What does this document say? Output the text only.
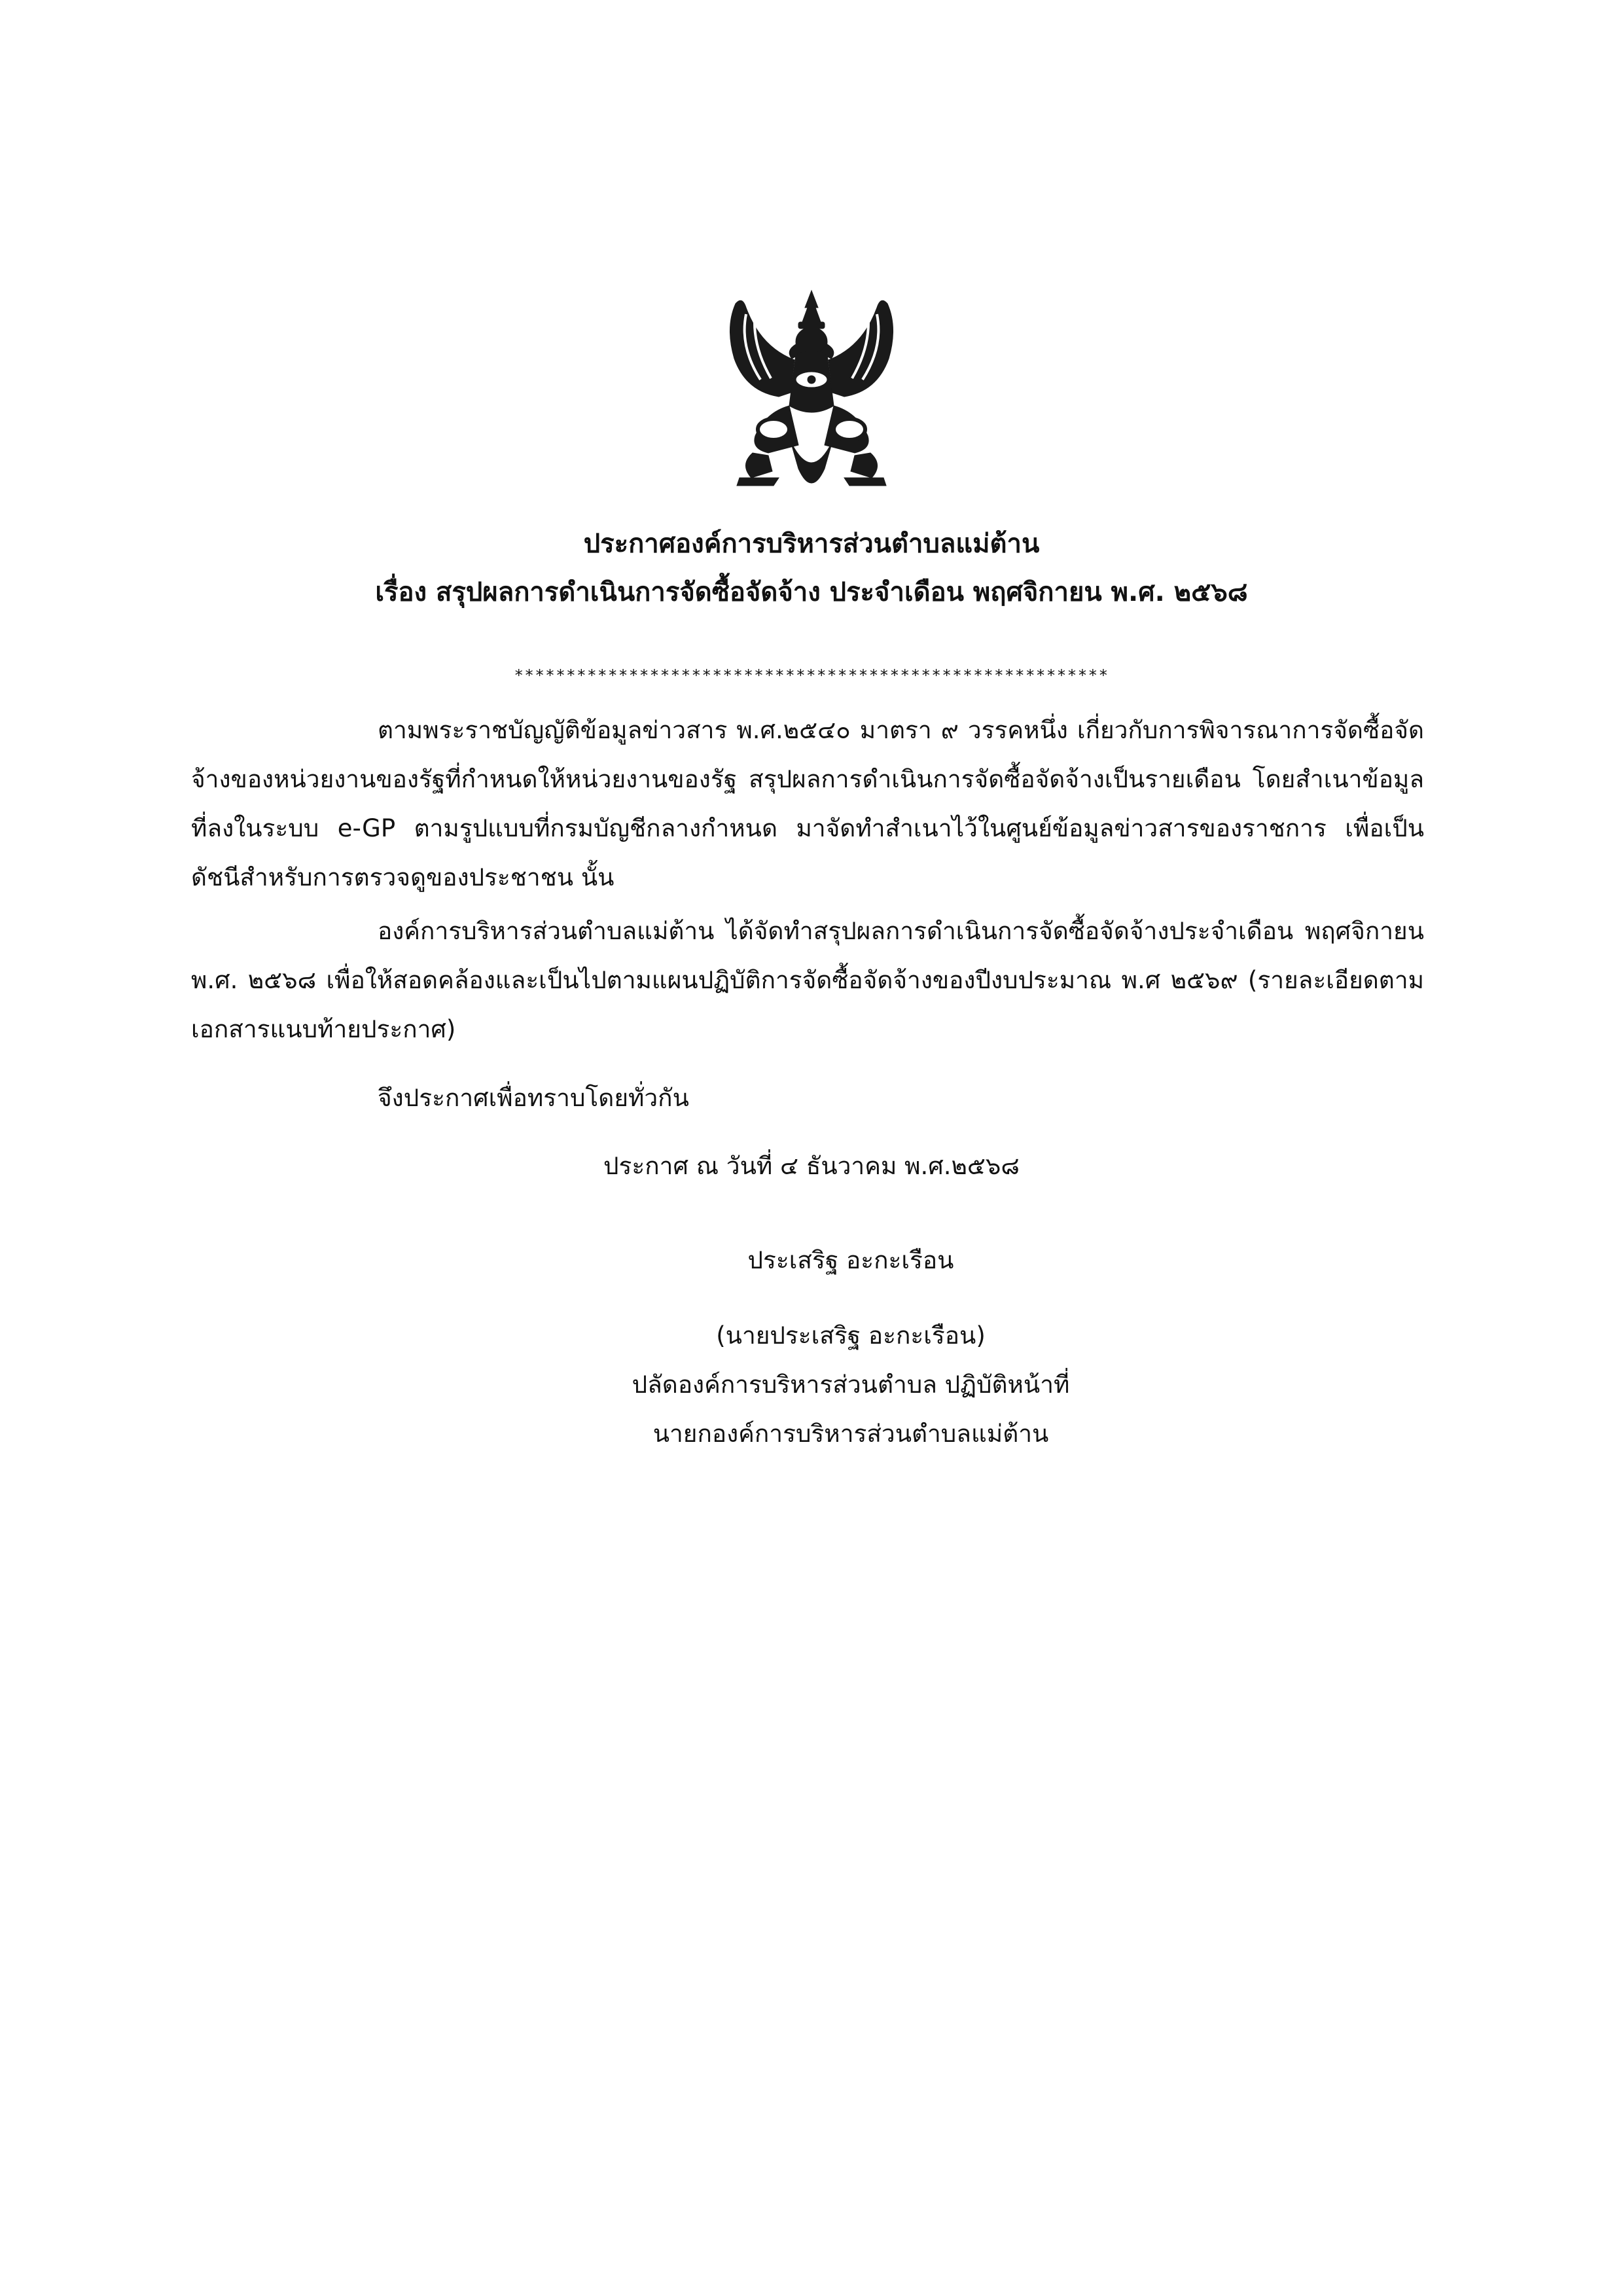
ประกาศองค์การบริหารส่วนตำบลแม่ต้าน
เรื่อง สรุปผลการดำเนินการจัดซื้อจัดจ้าง ประจำเดือน พฤศจิกายน พ.ศ. ๒๕๖๘
*********************************************************

ตามพระราชบัญญัติข้อมูลข่าวสาร พ.ศ.๒๕๔๐ มาตรา ๙ วรรคหนึ่ง เกี่ยวกับการพิจารณาการจัดซื้อจัดจ้างของหน่วยงานของรัฐที่กำหนดให้หน่วยงานของรัฐ สรุปผลการดำเนินการจัดซื้อจัดจ้างเป็นรายเดือน โดยสำเนาข้อมูลที่ลงในระบบ e-GP ตามรูปแบบที่กรมบัญชีกลางกำหนด มาจัดทำสำเนาไว้ในศูนย์ข้อมูลข่าวสารของราชการ เพื่อเป็นดัชนีสำหรับการตรวจดูของประชาชน นั้น

องค์การบริหารส่วนตำบลแม่ต้าน ได้จัดทำสรุปผลการดำเนินการจัดซื้อจัดจ้างประจำเดือน พฤศจิกายน พ.ศ. ๒๕๖๘ เพื่อให้สอดคล้องและเป็นไปตามแผนปฏิบัติการจัดซื้อจัดจ้างของปีงบประมาณ พ.ศ ๒๕๖๙ (รายละเอียดตามเอกสารแนบท้ายประกาศ)

จึงประกาศเพื่อทราบโดยทั่วกัน
ประกาศ ณ วันที่ ๔ ธันวาคม พ.ศ.๒๕๖๘
ประเสริฐ อะกะเรือน
(นายประเสริฐ อะกะเรือน)
ปลัดองค์การบริหารส่วนตำบล ปฏิบัติหน้าที่
นายกองค์การบริหารส่วนตำบลแม่ต้าน
